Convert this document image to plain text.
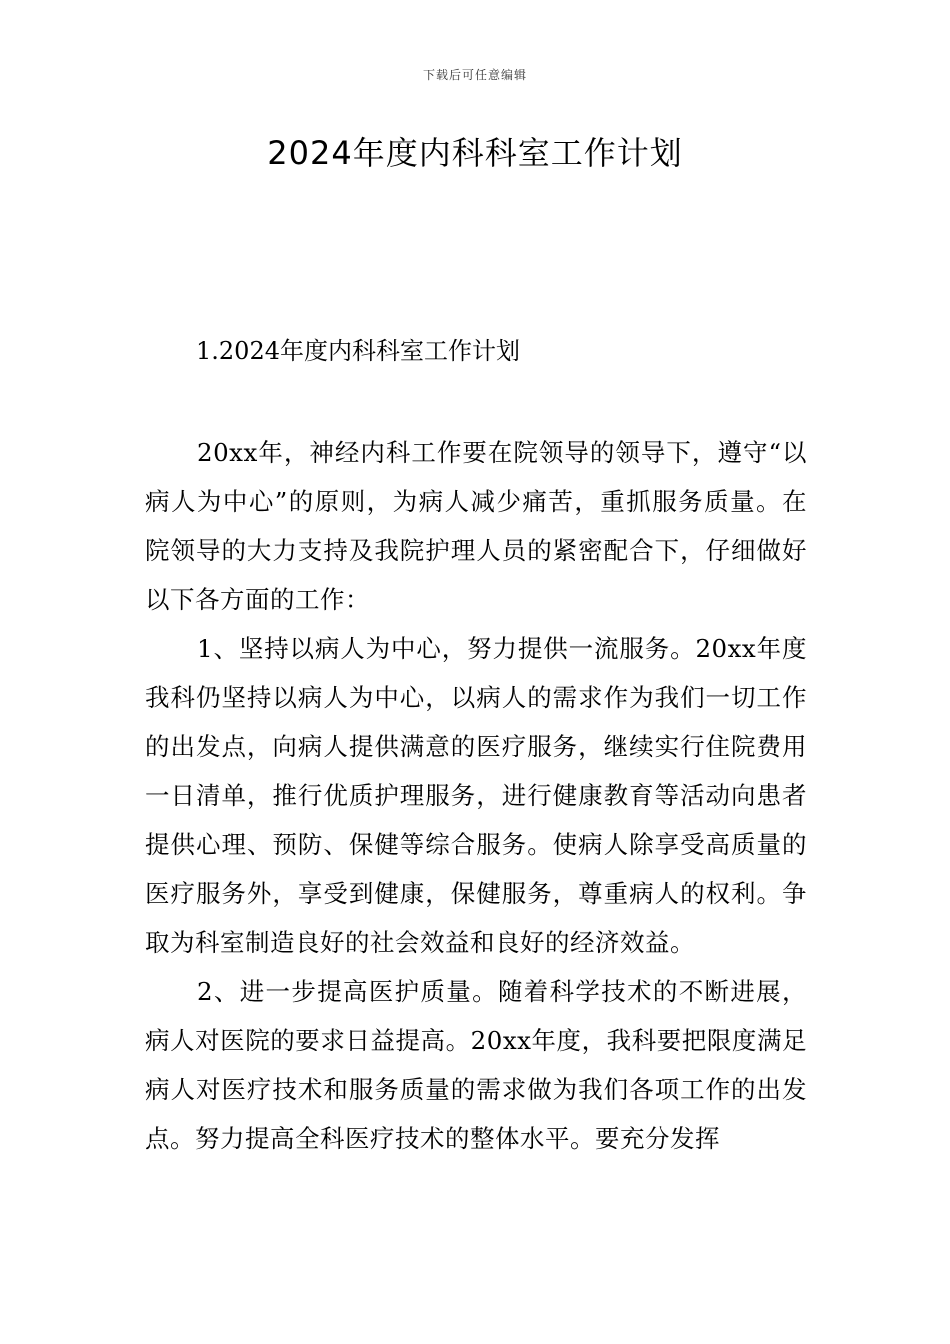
下载后可任意编辑
2024年度内科科室工作计划
1.2024年度内科科室工作计划

20xx年，神经内科工作要在院领导的领导下，遵守“以病人为中心”的原则，为病人减少痛苦，重抓服务质量。在院领导的大力支持及我院护理人员的紧密配合下，仔细做好以下各方面的工作：

1、坚持以病人为中心，努力提供一流服务。20xx年度我科仍坚持以病人为中心，以病人的需求作为我们一切工作的出发点，向病人提供满意的医疗服务，继续实行住院费用一日清单，推行优质护理服务，进行健康教育等活动向患者提供心理、预防、保健等综合服务。使病人除享受高质量的医疗服务外，享受到健康，保健服务，尊重病人的权利。争取为科室制造良好的社会效益和良好的经济效益。

2、进一步提高医护质量。随着科学技术的不断进展，病人对医院的要求日益提高。20xx年度，我科要把限度满足病人对医疗技术和服务质量的需求做为我们各项工作的出发点。努力提高全科医疗技术的整体水平。要充分发挥
